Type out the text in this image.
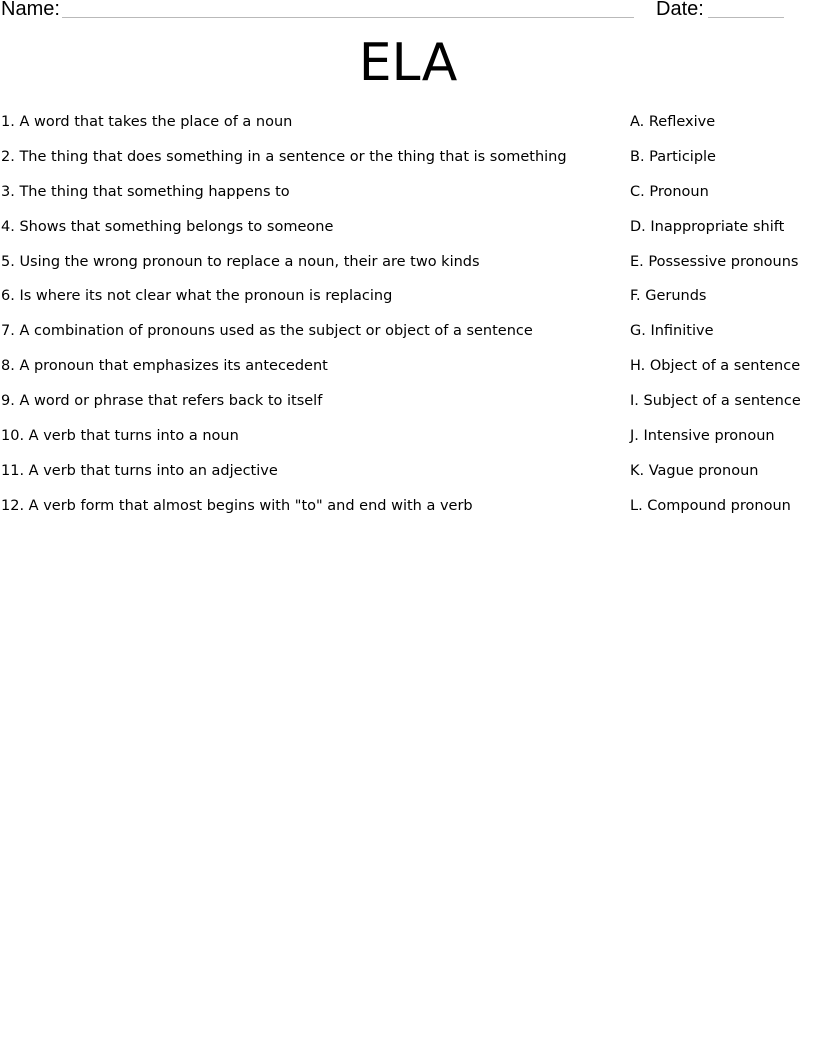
Name:	Date:
ELA
1. A word that takes the place of a noun	A. Reflexive
2. The thing that does something in a sentence or the thing that is something	B. Participle
3. The thing that something happens to	C. Pronoun
4. Shows that something belongs to someone	D. Inappropriate shift
5. Using the wrong pronoun to replace a noun, their are two kinds	E. Possessive pronouns
6. Is where its not clear what the pronoun is replacing	F. Gerunds
7. A combination of pronouns used as the subject or object of a sentence	G. Infinitive
8. A pronoun that emphasizes its antecedent	H. Object of a sentence
9. A word or phrase that refers back to itself	I. Subject of a sentence
10. A verb that turns into a noun	J. Intensive pronoun
11. A verb that turns into an adjective	K. Vague pronoun
12. A verb form that almost begins with "to" and end with a verb	L. Compound pronoun
